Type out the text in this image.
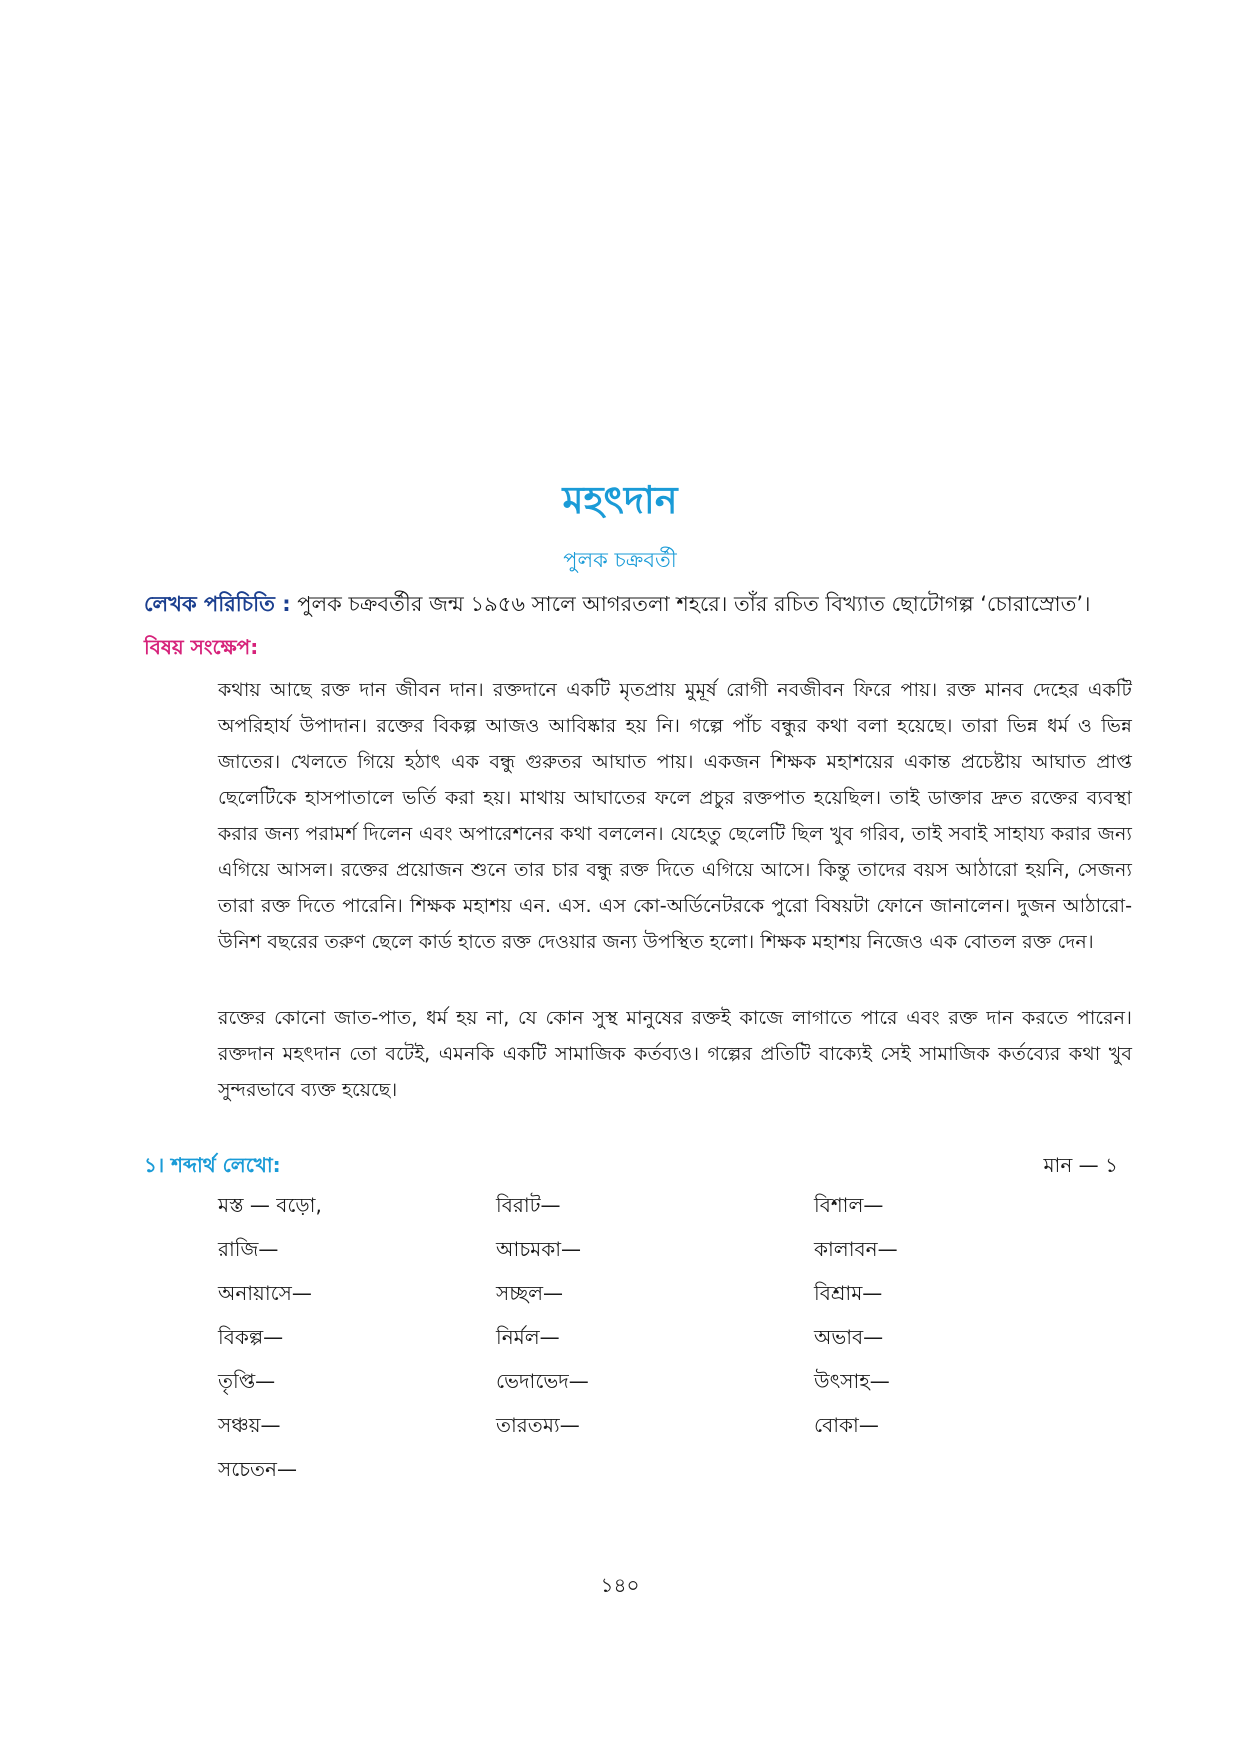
মহৎদান
পুলক চক্রবর্তী
লেখক পরিচিতি : পুলক চক্রবর্তীর জন্ম ১৯৫৬ সালে আগরতলা শহরে। তাঁর রচিত বিখ্যাত ছোটোগল্প ‘চোরাস্রোত’।
বিষয় সংক্ষেপ:

কথায় আছে রক্ত দান জীবন দান। রক্তদানে একটি মৃতপ্রায় মুমূর্ষ রোগী নবজীবন ফিরে পায়। রক্ত মানব দেহের একটি অপরিহার্য উপাদান। রক্তের বিকল্প আজও আবিষ্কার হয় নি। গল্পে পাঁচ বন্ধুর কথা বলা হয়েছে। তারা ভিন্ন ধর্ম ও ভিন্ন জাতের। খেলতে গিয়ে হঠাৎ এক বন্ধু গুরুতর আঘাত পায়। একজন শিক্ষক মহাশয়ের একান্ত প্রচেষ্টায় আঘাত প্রাপ্ত ছেলেটিকে হাসপাতালে ভর্তি করা হয়। মাথায় আঘাতের ফলে প্রচুর রক্তপাত হয়েছিল। তাই ডাক্তার দ্রুত রক্তের ব্যবস্থা করার জন্য পরামর্শ দিলেন এবং অপারেশনের কথা বললেন। যেহেতু ছেলেটি ছিল খুব গরিব, তাই সবাই সাহায্য করার জন্য এগিয়ে আসল। রক্তের প্রয়োজন শুনে তার চার বন্ধু রক্ত দিতে এগিয়ে আসে। কিন্তু তাদের বয়স আঠারো হয়নি, সেজন্য তারা রক্ত দিতে পারেনি। শিক্ষক মহাশয় এন. এস. এস কো-অর্ডিনেটরকে পুরো বিষয়টা ফোনে জানালেন। দুজন আঠারো-উনিশ বছরের তরুণ ছেলে কার্ড হাতে রক্ত দেওয়ার জন্য উপস্থিত হলো। শিক্ষক মহাশয় নিজেও এক বোতল রক্ত দেন।

রক্তের কোনো জাত-পাত, ধর্ম হয় না, যে কোন সুস্থ মানুষের রক্তই কাজে লাগাতে পারে এবং রক্ত দান করতে পারেন। রক্তদান মহৎদান তো বটেই, এমনকি একটি সামাজিক কর্তব্যও। গল্পের প্রতিটি বাক্যেই সেই সামাজিক কর্তব্যের কথা খুব সুন্দরভাবে ব্যক্ত হয়েছে।

১। শব্দার্থ লেখো:	মান — ১
মস্ত — বড়ো,	বিরাট—	বিশাল—
রাজি—	আচমকা—	কালাবন—
অনায়াসে—	সচ্ছল—	বিশ্রাম—
বিকল্প—	নির্মল—	অভাব—
তৃপ্তি—	ভেদাভেদ—	উৎসাহ—
সঞ্চয়—	তারতম্য—	বোকা—
সচেতন—
১৪০
